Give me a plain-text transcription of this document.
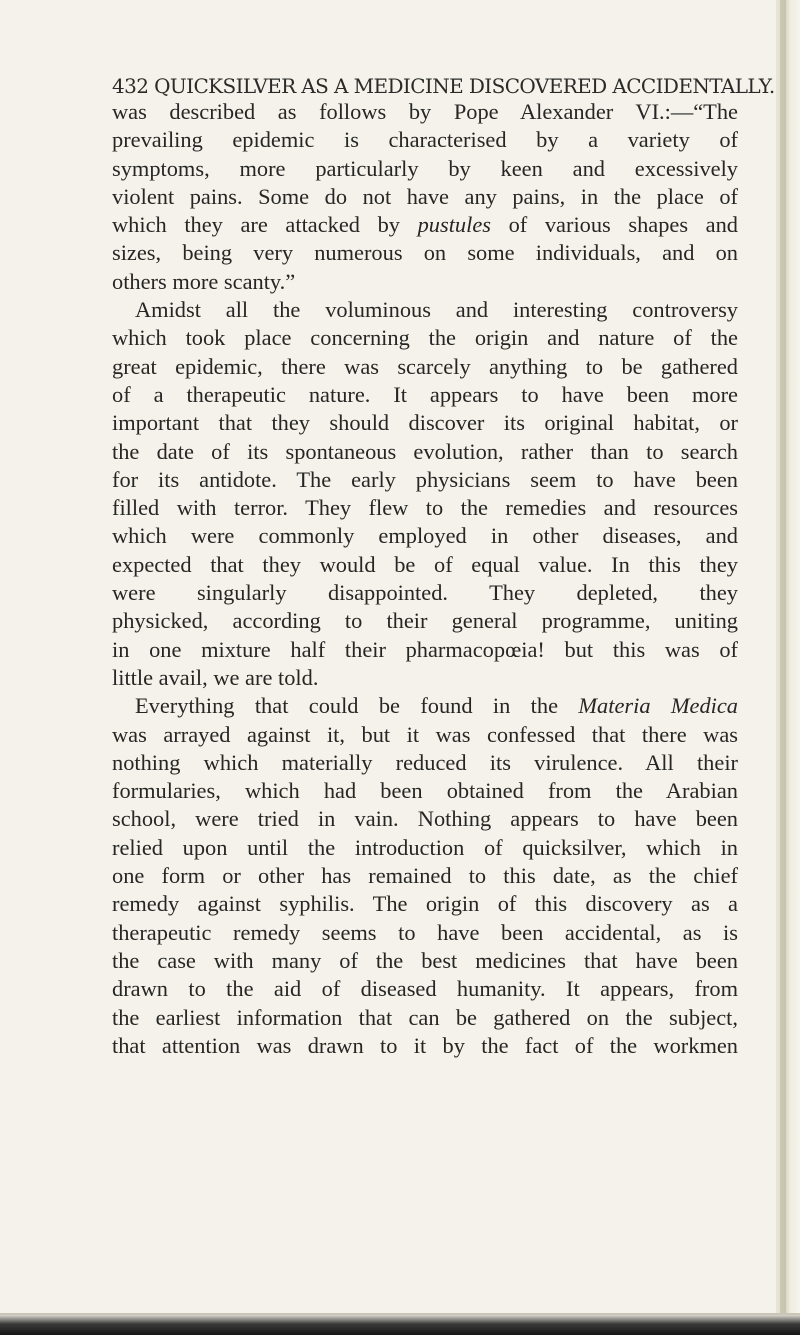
432 QUICKSILVER AS A MEDICINE DISCOVERED ACCIDENTALLY.

was described as follows by Pope Alexander VI.:—“The
prevailing epidemic is characterised by a variety of
symptoms, more particularly by keen and excessively
violent pains. Some do not have any pains, in the place of
which they are attacked by pustules of various shapes and
sizes, being very numerous on some individuals, and on
others more scanty.”

Amidst all the voluminous and interesting controversy
which took place concerning the origin and nature of the
great epidemic, there was scarcely anything to be gathered
of a therapeutic nature. It appears to have been more
important that they should discover its original habitat, or
the date of its spontaneous evolution, rather than to search
for its antidote. The early physicians seem to have been
filled with terror. They flew to the remedies and resources
which were commonly employed in other diseases, and
expected that they would be of equal value. In this they
were singularly disappointed. They depleted, they
physicked, according to their general programme, uniting
in one mixture half their pharmacopœia! but this was of
little avail, we are told.

Everything that could be found in the Materia Medica
was arrayed against it, but it was confessed that there was
nothing which materially reduced its virulence. All their
formularies, which had been obtained from the Arabian
school, were tried in vain. Nothing appears to have been
relied upon until the introduction of quicksilver, which in
one form or other has remained to this date, as the chief
remedy against syphilis. The origin of this discovery as a
therapeutic remedy seems to have been accidental, as is
the case with many of the best medicines that have been
drawn to the aid of diseased humanity. It appears, from
the earliest information that can be gathered on the subject,
that attention was drawn to it by the fact of the workmen
